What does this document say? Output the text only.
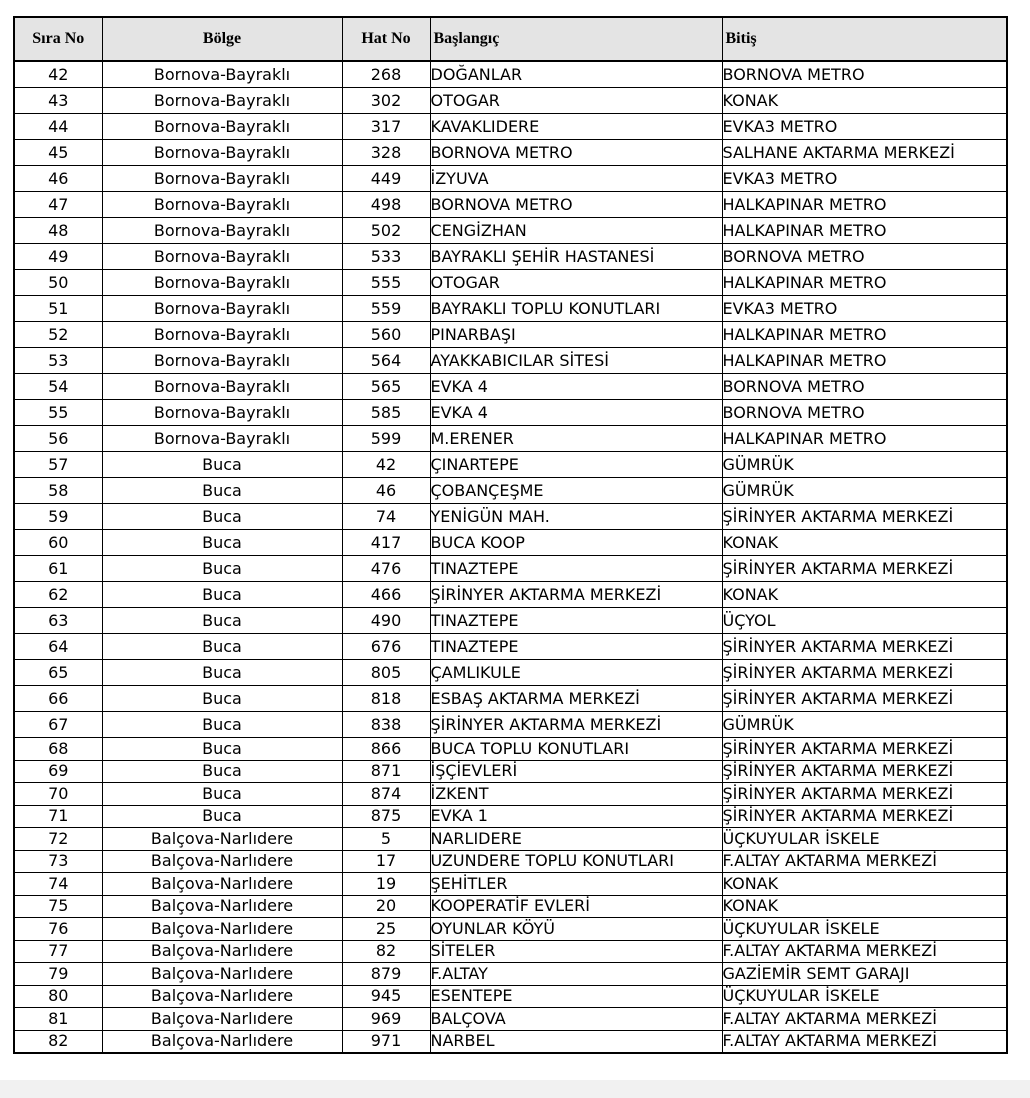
Sıra No	Bölge	Hat No	Başlangıç	Bitiş
42	Bornova-Bayraklı	268	DOĞANLAR	BORNOVA METRO
43	Bornova-Bayraklı	302	OTOGAR	KONAK
44	Bornova-Bayraklı	317	KAVAKLIDERE	EVKA3 METRO
45	Bornova-Bayraklı	328	BORNOVA METRO	SALHANE AKTARMA MERKEZİ
46	Bornova-Bayraklı	449	İZYUVA	EVKA3 METRO
47	Bornova-Bayraklı	498	BORNOVA METRO	HALKAPINAR METRO
48	Bornova-Bayraklı	502	CENGİZHAN	HALKAPINAR METRO
49	Bornova-Bayraklı	533	BAYRAKLI ŞEHİR HASTANESİ	BORNOVA METRO
50	Bornova-Bayraklı	555	OTOGAR	HALKAPINAR METRO
51	Bornova-Bayraklı	559	BAYRAKLI TOPLU KONUTLARI	EVKA3 METRO
52	Bornova-Bayraklı	560	PINARBAŞI	HALKAPINAR METRO
53	Bornova-Bayraklı	564	AYAKKABICILAR SİTESİ	HALKAPINAR METRO
54	Bornova-Bayraklı	565	EVKA 4	BORNOVA METRO
55	Bornova-Bayraklı	585	EVKA 4	BORNOVA METRO
56	Bornova-Bayraklı	599	M.ERENER	HALKAPINAR METRO
57	Buca	42	ÇINARTEPE	GÜMRÜK
58	Buca	46	ÇOBANÇEŞME	GÜMRÜK
59	Buca	74	YENİGÜN MAH.	ŞİRİNYER AKTARMA MERKEZİ
60	Buca	417	BUCA KOOP	KONAK
61	Buca	476	TINAZTEPE	ŞİRİNYER AKTARMA MERKEZİ
62	Buca	466	ŞİRİNYER AKTARMA MERKEZİ	KONAK
63	Buca	490	TINAZTEPE	ÜÇYOL
64	Buca	676	TINAZTEPE	ŞİRİNYER AKTARMA MERKEZİ
65	Buca	805	ÇAMLIKULE	ŞİRİNYER AKTARMA MERKEZİ
66	Buca	818	ESBAŞ AKTARMA MERKEZİ	ŞİRİNYER AKTARMA MERKEZİ
67	Buca	838	ŞİRİNYER AKTARMA MERKEZİ	GÜMRÜK
68	Buca	866	BUCA TOPLU KONUTLARI	ŞİRİNYER AKTARMA MERKEZİ
69	Buca	871	İŞÇİEVLERİ	ŞİRİNYER AKTARMA MERKEZİ
70	Buca	874	İZKENT	ŞİRİNYER AKTARMA MERKEZİ
71	Buca	875	EVKA 1	ŞİRİNYER AKTARMA MERKEZİ
72	Balçova-Narlıdere	5	NARLIDERE	ÜÇKUYULAR İSKELE
73	Balçova-Narlıdere	17	UZUNDERE TOPLU KONUTLARI	F.ALTAY AKTARMA MERKEZİ
74	Balçova-Narlıdere	19	ŞEHİTLER	KONAK
75	Balçova-Narlıdere	20	KOOPERATİF EVLERİ	KONAK
76	Balçova-Narlıdere	25	OYUNLAR KÖYÜ	ÜÇKUYULAR İSKELE
77	Balçova-Narlıdere	82	SİTELER	F.ALTAY AKTARMA MERKEZİ
79	Balçova-Narlıdere	879	F.ALTAY	GAZİEMİR SEMT GARAJI
80	Balçova-Narlıdere	945	ESENTEPE	ÜÇKUYULAR İSKELE
81	Balçova-Narlıdere	969	BALÇOVA	F.ALTAY AKTARMA MERKEZİ
82	Balçova-Narlıdere	971	NARBEL	F.ALTAY AKTARMA MERKEZİ
